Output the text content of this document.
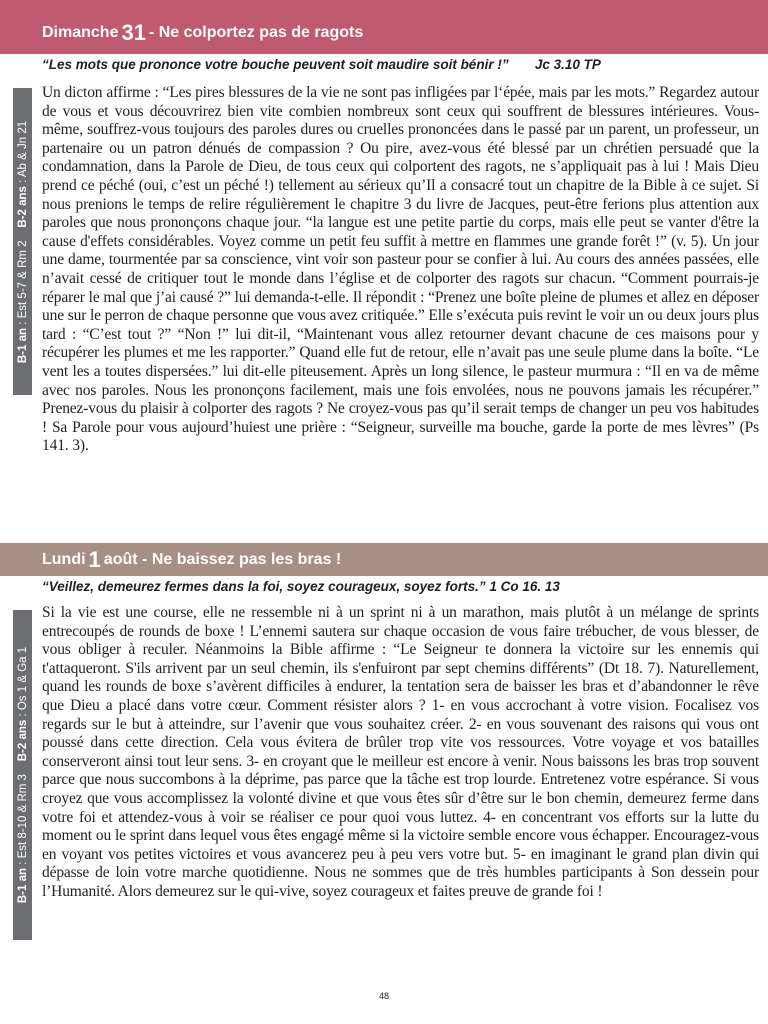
Dimanche 31 -
Ne colportez pas de ragots
“Les mots que prononce votre bouche peuvent soit maudire soit bénir !” Jc 3.10 TP
B-1 an : Est 5-7 & Rm 2    B-2 ans : Ab & Jn 21

Un dicton affirme : “Les pires blessures de la vie ne sont pas infligées par l‘épée, mais par les mots.” Regardez autour de vous et vous découvrirez bien vite combien nombreux sont ceux qui souffrent de blessures intérieures. Vous-même, souffrez-vous toujours des paroles dures ou cruelles prononcées dans le passé par un parent, un professeur, un partenaire ou un patron dénués de compassion ? Ou pire, avez-vous été blessé par un chrétien persuadé que la condamnation, dans la Parole de Dieu, de tous ceux qui colportent des ragots, ne s’appliquait pas à lui ! Mais Dieu prend ce péché (oui, c’est un péché !) tellement au sérieux qu’Il a consacré tout un chapitre de la Bible à ce sujet. Si nous prenions le temps de relire régulièrement le chapitre 3 du livre de Jacques, peut-être ferions plus attention aux paroles que nous prononçons chaque jour. “la langue est une petite partie du corps, mais elle peut se vanter d'être la cause d'effets considérables. Voyez comme un petit feu suffit à mettre en flammes une grande forêt !” (v. 5). Un jour une dame, tourmentée par sa conscience, vint voir son pasteur pour se confier à lui. Au cours des années passées, elle n’avait cessé de critiquer tout le monde dans l’église et de colporter des ragots sur chacun. “Comment pourrais-je réparer le mal que j’ai causé ?” lui demanda-t-elle. Il répondit : “Prenez une boîte pleine de plumes et allez en déposer une sur le perron de chaque personne que vous avez critiquée.” Elle s’exécuta puis revint le voir un ou deux jours plus tard : “C’est tout ?” “Non !” lui dit-il, “Maintenant vous allez retourner devant chacune de ces maisons pour y récupérer les plumes et me les rapporter.” Quand elle fut de retour, elle n’avait pas une seule plume dans la boîte. “Le vent les a toutes dispersées.” lui dit-elle piteusement. Après un long silence, le pasteur murmura : “Il en va de même avec nos paroles. Nous les prononçons facilement, mais une fois envolées, nous ne pouvons jamais les récupérer.” Prenez-vous du plaisir à colporter des ragots ? Ne croyez-vous pas qu’il serait temps de changer un peu vos habitudes ! Sa Parole pour vous aujourd’huiest une prière : “Seigneur, surveille ma bouche, garde la porte de mes lèvres” (Ps 141. 3).

Lundi 1 août
-
Ne baissez pas les bras !
“Veillez, demeurez fermes dans la foi, soyez courageux, soyez forts.” 1 Co 16. 13
B-1 an : Est 8-10 & Rm 3    B-2 ans : Os 1 & Ga 1

Si la vie est une course, elle ne ressemble ni à un sprint ni à un marathon, mais plutôt à un mélange de sprints entrecoupés de rounds de boxe ! L’ennemi sautera sur chaque occasion de vous faire trébucher, de vous blesser, de vous obliger à reculer. Néanmoins la Bible affirme : “Le Seigneur te donnera la victoire sur les ennemis qui t'attaqueront. S'ils arrivent par un seul chemin, ils s'enfuiront par sept chemins différents” (Dt 18. 7). Naturellement, quand les rounds de boxe s’avèrent difficiles à endurer, la tentation sera de baisser les bras et d’abandonner le rêve que Dieu a placé dans votre cœur. Comment résister alors ? 1- en vous accrochant à votre vision. Focalisez vos regards sur le but à atteindre, sur l’avenir que vous souhaitez créer. 2- en vous souvenant des raisons qui vous ont poussé dans cette direction. Cela vous évitera de brûler trop vite vos ressources. Votre voyage et vos batailles conserveront ainsi tout leur sens. 3- en croyant que le meilleur est encore à venir. Nous baissons les bras trop souvent parce que nous succombons à la déprime, pas parce que la tâche est trop lourde. Entretenez votre espérance. Si vous croyez que vous accomplissez la volonté divine et que vous êtes sûr d’être sur le bon chemin, demeurez ferme dans votre foi et attendez-vous à voir se réaliser ce pour quoi vous luttez. 4- en concentrant vos efforts sur la lutte du moment ou le sprint dans lequel vous êtes engagé même si la victoire semble encore vous échapper. Encouragez-vous en voyant vos petites victoires et vous avancerez peu à peu vers votre but. 5- en imaginant le grand plan divin qui dépasse de loin votre marche quotidienne. Nous ne sommes que de très humbles participants à Son dessein pour l’Humanité. Alors demeurez sur le qui-vive, soyez courageux et faites preuve de grande foi !

48
